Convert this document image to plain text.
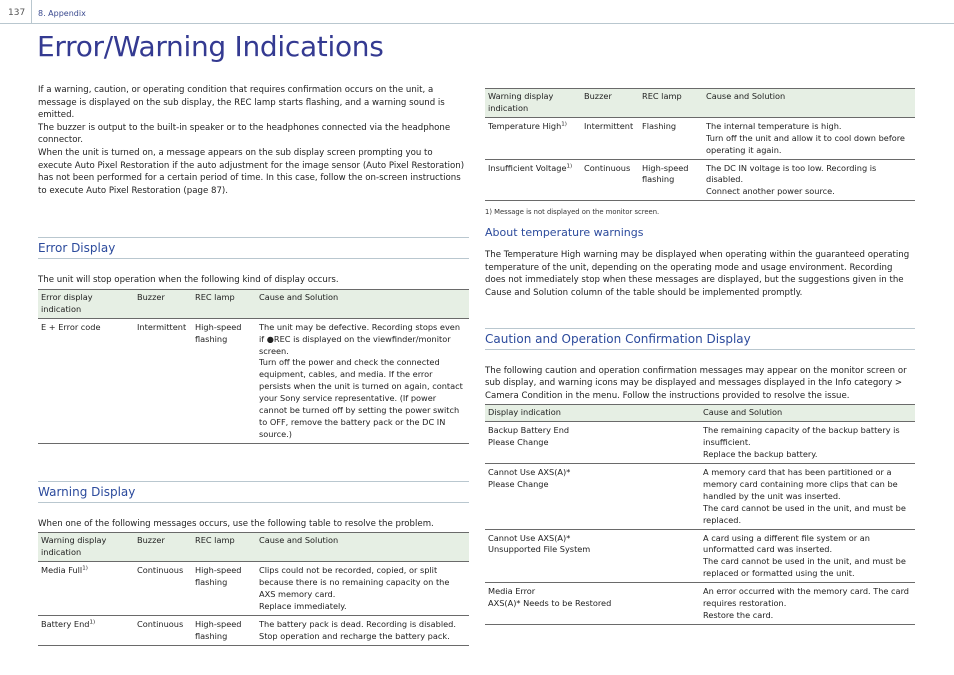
137 8. Appendix
Error/Warning Indications

If a warning, caution, or operating condition that requires confirmation occurs on the unit, a message is displayed on the sub display, the REC lamp starts flashing, and a warning sound is emitted.

The buzzer is output to the built-in speaker or to the headphones connected via the headphone connector.

When the unit is turned on, a message appears on the sub display screen prompting you to execute Auto Pixel Restoration if the auto adjustment for the image sensor (Auto Pixel Restoration) has not been performed for a certain period of time. In this case, follow the on-screen instructions to execute Auto Pixel Restoration (page 87).

Error Display

The unit will stop operation when the following kind of display occurs.

Error display
indication	Buzzer	REC lamp	Cause and Solution
E + Error code	Intermittent	High-speed flashing	The unit may be defective. Recording stops even if ●REC is displayed on the viewfinder/monitor screen.
Turn off the power and check the connected equipment, cables, and media. If the error persists when the unit is turned on again, contact your Sony service representative. (If power cannot be turned off by setting the power switch to OFF, remove the battery pack or the DC IN source.)
Warning Display

When one of the following messages occurs, use the following table to resolve the problem.

Warning display
indication	Buzzer	REC lamp	Cause and Solution
Media Full$^{1)}$	Continuous	High-speed flashing	Clips could not be recorded, copied, or split because there is no remaining capacity on the AXS memory card.
Replace immediately.
Battery End$^{1)}$	Continuous	High-speed flashing	The battery pack is dead. Recording is disabled.
Stop operation and recharge the battery pack.
Warning display
indication	Buzzer	REC lamp	Cause and Solution
Temperature High$^{1)}$	Intermittent	Flashing	The internal temperature is high.
Turn off the unit and allow it to cool down before operating it again.
Insufficient Voltage$^{1)}$	Continuous	High-speed flashing	The DC IN voltage is too low. Recording is disabled.
Connect another power source.

1) Message is not displayed on the monitor screen.

About temperature warnings

The Temperature High warning may be displayed when operating within the guaranteed operating temperature of the unit, depending on the operating mode and usage environment. Recording does not immediately stop when these messages are displayed, but the suggestions given in the Cause and Solution column of the table should be implemented promptly.

Caution and Operation Confirmation Display

The following caution and operation confirmation messages may appear on the monitor screen or sub display, and warning icons may be displayed and messages displayed in the Info category > Camera Condition in the menu. Follow the instructions provided to resolve the issue.

Display indication	Cause and Solution
Backup Battery End
Please Change	The remaining capacity of the backup battery is insufficient.
Replace the backup battery.
Cannot Use AXS(A)*
Please Change	A memory card that has been partitioned or a memory card containing more clips that can be handled by the unit was inserted.
The card cannot be used in the unit, and must be replaced.
Cannot Use AXS(A)*
Unsupported File System	A card using a different file system or an unformatted card was inserted.
The card cannot be used in the unit, and must be replaced or formatted using the unit.
Media Error
AXS(A)* Needs to be Restored	An error occurred with the memory card. The card requires restoration.
Restore the card.
